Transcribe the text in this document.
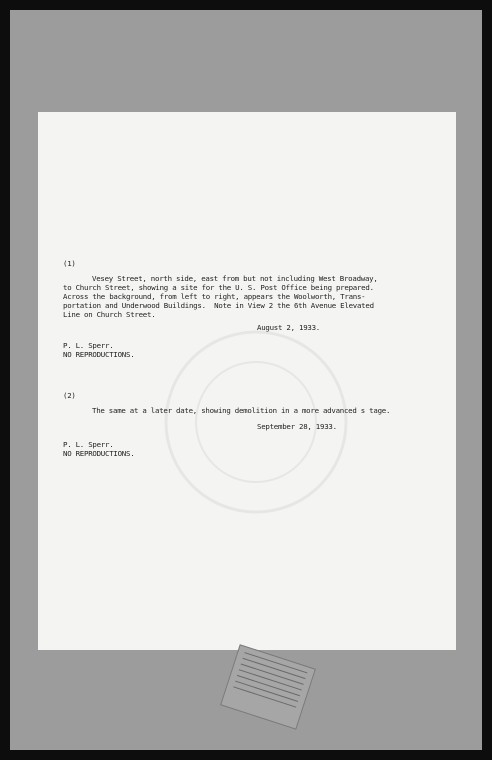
(1)
Vesey Street, north side, east from but not including West Broadway,
to Church Street, showing a site for the U. S. Post Office being prepared.
Across the background, from left to right, appears the Woolworth, Trans-
portation and Underwood Buildings.  Note in View 2 the 6th Avenue Elevated
Line on Church Street.
August 2, 1933.
P. L. Sperr.
NO REPRODUCTIONS.
(2)
The same at a later date, showing demolition in a more advanced s tage.
September 28, 1933.
P. L. Sperr.
NO REPRODUCTIONS.
